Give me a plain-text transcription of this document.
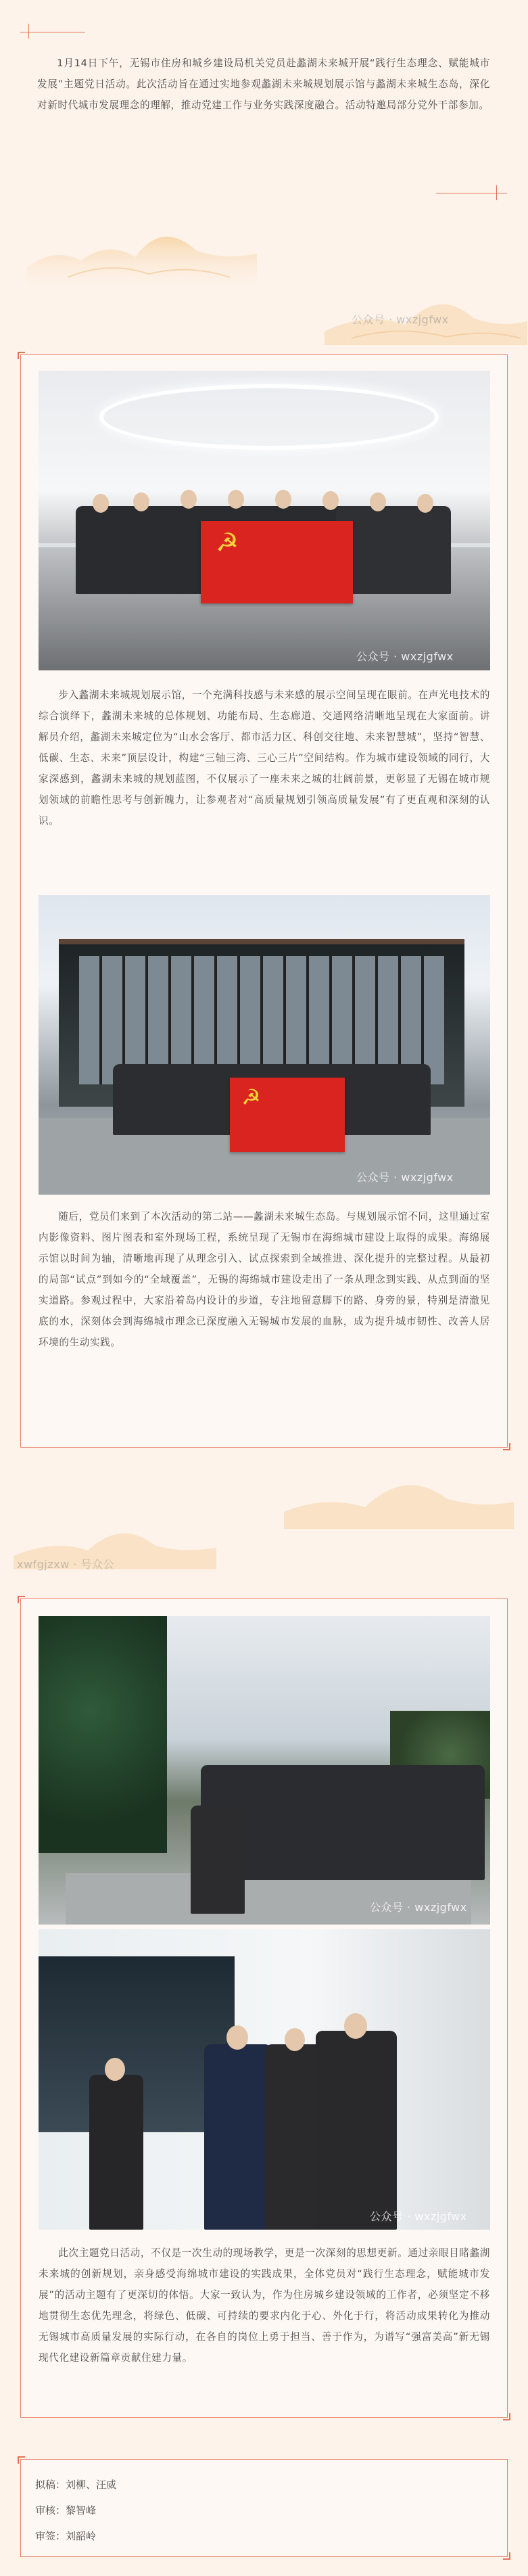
1月14日下午，无锡市住房和城乡建设局机关党员赴蠡湖未来城开展“践行生态理念、赋能城市发展”主题党日活动。此次活动旨在通过实地参观蠡湖未来城规划展示馆与蠡湖未来城生态岛，深化对新时代城市发展理念的理解，推动党建工作与业务实践深度融合。活动特邀局部分党外干部参加。
公众号 · wxzjgfwx
☭
公众号 · wxzjgfwx
步入蠡湖未来城规划展示馆，一个充满科技感与未来感的展示空间呈现在眼前。在声光电技术的综合演绎下，蠡湖未来城的总体规划、功能布局、生态廊道、交通网络清晰地呈现在大家面前。讲解员介绍，蠡湖未来城定位为“山水会客厅、都市活力区、科创交往地、未来智慧城”，坚持“智慧、低碳、生态、未来”顶层设计，构建“三轴三湾、三心三片”空间结构。作为城市建设领域的同行，大家深感到，蠡湖未来城的规划蓝图，不仅展示了一座未来之城的壮阔前景，更彰显了无锡在城市规划领域的前瞻性思考与创新魄力，让参观者对“高质量规划引领高质量发展”有了更直观和深刻的认识。
☭
公众号 · wxzjgfwx
随后，党员们来到了本次活动的第二站——蠡湖未来城生态岛。与规划展示馆不同，这里通过室内影像资料、图片图表和室外现场工程，系统呈现了无锡市在海绵城市建设上取得的成果。海绵展示馆以时间为轴，清晰地再现了从理念引入、试点探索到全域推进、深化提升的完整过程。从最初的局部“试点”到如今的“全域覆盖”，无锡的海绵城市建设走出了一条从理念到实践、从点到面的坚实道路。参观过程中，大家沿着岛内设计的步道，专注地留意脚下的路、身旁的景，特别是清澈见底的水，深刻体会到海绵城市理念已深度融入无锡城市发展的血脉，成为提升城市韧性、改善人居环境的生动实践。
xwfgjzxw · 号众公
公众号 · wxzjgfwx
公众号 · wxzjgfwx
此次主题党日活动，不仅是一次生动的现场教学，更是一次深刻的思想更新。通过亲眼目睹蠡湖未来城的创新规划，亲身感受海绵城市建设的实践成果，全体党员对“践行生态理念，赋能城市发展”的活动主题有了更深切的体悟。大家一致认为，作为住房城乡建设领域的工作者，必须坚定不移地贯彻生态优先理念，将绿色、低碳、可持续的要求内化于心、外化于行，将活动成果转化为推动无锡城市高质量发展的实际行动，在各自的岗位上勇于担当、善于作为，为谱写“强富美高”新无锡现代化建设新篇章贡献住建力量。
拟稿：刘柳、汪威
审核：黎智峰
审签：刘韶岭
